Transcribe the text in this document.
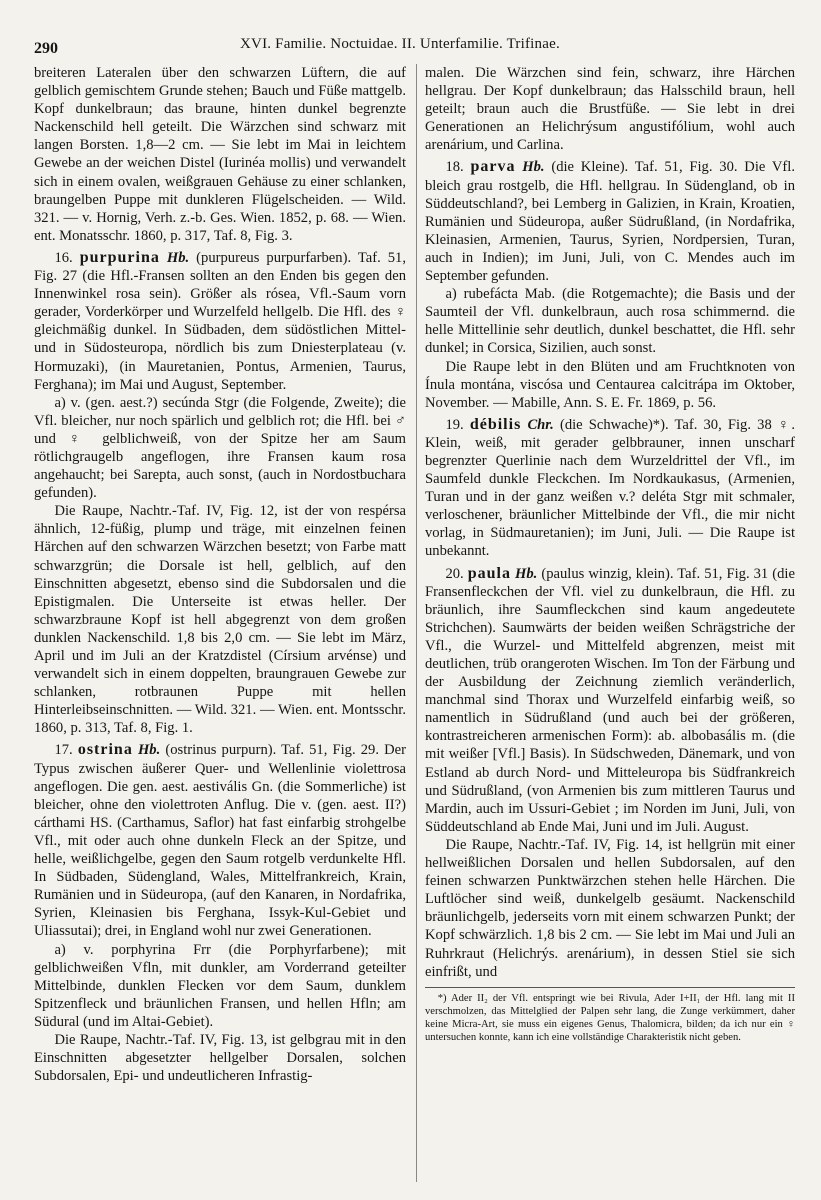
290	XVI. Familie. Noctuidae. II. Unterfamilie. Trifinae.

breiteren Lateralen über den schwarzen Lüftern, die auf gelblich gemischtem Grunde stehen; Bauch und Füße mattgelb. Kopf dunkelbraun; das braune, hinten dunkel begrenzte Nackenschild hell geteilt. Die Wärzchen sind schwarz mit langen Borsten. 1,8—2 cm. — Sie lebt im Mai in leichtem Gewebe an der weichen Distel (Iurinéa mollis) und verwandelt sich in einem ovalen, weißgrauen Gehäuse zu einer schlanken, braungelben Puppe mit dunkleren Flügelscheiden. — Wild. 321. — v. Hornig, Verh. z.-b. Ges. Wien. 1852, p. 68. — Wien. ent. Monatsschr. 1860, p. 317, Taf. 8, Fig. 3.

16. purpurina Hb. (purpureus purpurfarben). Taf. 51, Fig. 27 (die Hfl.-Fransen sollten an den Enden bis gegen den Innenwinkel rosa sein). Größer als rósea, Vfl.-Saum vorn gerader, Vorderkörper und Wurzelfeld hellgelb. Die Hfl. des ♀ gleichmäßig dunkel. In Südbaden, dem südöstlichen Mittel- und in Südosteuropa, nördlich bis zum Dniesterplateau (v. Hormuzaki), (in Mauretanien, Pontus, Armenien, Taurus, Ferghana); im Mai und August, September.

a) v. (gen. aest.?) secúnda Stgr (die Folgende, Zweite); die Vfl. bleicher, nur noch spärlich und gelblich rot; die Hfl. bei ♂ und ♀ gelblichweiß, von der Spitze her am Saum rötlichgraugelb angeflogen, ihre Fransen kaum rosa angehaucht; bei Sarepta, auch sonst, (auch in Nordostbuchara gefunden).

Die Raupe, Nachtr.-Taf. IV, Fig. 12, ist der von respérsa ähnlich, 12-füßig, plump und träge, mit einzelnen feinen Härchen auf den schwarzen Wärzchen besetzt; von Farbe matt schwarzgrün; die Dorsale ist hell, gelblich, auf den Einschnitten abgesetzt, ebenso sind die Subdorsalen und die Epistigmalen. Die Unterseite ist etwas heller. Der schwarzbraune Kopf ist hell abgegrenzt von dem großen dunklen Nackenschild. 1,8 bis 2,0 cm. — Sie lebt im März, April und im Juli an der Kratzdistel (Círsium arvénse) und verwandelt sich in einem doppelten, braungrauen Gewebe zur schlanken, rotbraunen Puppe mit hellen Hinterleibseinschnitten. — Wild. 321. — Wien. ent. Montsschr. 1860, p. 313, Taf. 8, Fig. 1.

17. ostrina Hb. (ostrinus purpurn). Taf. 51, Fig. 29. Der Typus zwischen äußerer Quer- und Wellenlinie violettrosa angeflogen. Die gen. aest. aestivális Gn. (die Sommerliche) ist bleicher, ohne den violettroten Anflug. Die v. (gen. aest. II?) cárthami HS. (Carthamus, Saflor) hat fast einfarbig strohgelbe Vfl., mit oder auch ohne dunkeln Fleck an der Spitze, und helle, weißlichgelbe, gegen den Saum rotgelb verdunkelte Hfl. In Südbaden, Südengland, Wales, Mittelfrankreich, Krain, Rumänien und in Südeuropa, (auf den Kanaren, in Nordafrika, Syrien, Kleinasien bis Ferghana, Issyk-Kul-Gebiet und Uliassutai); drei, in England wohl nur zwei Generationen.

a) v. porphyrina Frr (die Porphyrfarbene); mit gelblichweißen Vfln, mit dunkler, am Vorderrand geteilter Mittelbinde, dunklen Flecken vor dem Saum, dunklem Spitzenfleck und bräunlichen Fransen, und hellen Hfln; am Südural (und im Altai-Gebiet).

Die Raupe, Nachtr.-Taf. IV, Fig. 13, ist gelbgrau mit in den Einschnitten abgesetzter hellgelber Dorsalen, solchen Subdorsalen, Epi- und undeutlicheren Infrastig-

malen. Die Wärzchen sind fein, schwarz, ihre Härchen hellgrau. Der Kopf dunkelbraun; das Halsschild braun, hell geteilt; braun auch die Brustfüße. — Sie lebt in drei Generationen an Helichrýsum angustifólium, wohl auch arenárium, und Carlina.

18. parva Hb. (die Kleine). Taf. 51, Fig. 30. Die Vfl. bleich grau rostgelb, die Hfl. hellgrau. In Südengland, ob in Süddeutschland?, bei Lemberg in Galizien, in Krain, Kroatien, Rumänien und Südeuropa, außer Südrußland, (in Nordafrika, Kleinasien, Armenien, Taurus, Syrien, Nordpersien, Turan, auch in Indien); im Juni, Juli, von C. Mendes auch im September gefunden.

a) rubefácta Mab. (die Rotgemachte); die Basis und der Saumteil der Vfl. dunkelbraun, auch rosa schimmernd. die helle Mittellinie sehr deutlich, dunkel beschattet, die Hfl. sehr dunkel; in Corsica, Sizilien, auch sonst.

Die Raupe lebt in den Blüten und am Fruchtknoten von Ínula montána, viscósa und Centaurea calcitrápa im Oktober, November. — Mabille, Ann. S. E. Fr. 1869, p. 56.

19. débilis Chr. (die Schwache)*). Taf. 30, Fig. 38 ♀. Klein, weiß, mit gerader gelbbrauner, innen unscharf begrenzter Querlinie nach dem Wurzeldrittel der Vfl., im Saumfeld dunkle Fleckchen. Im Nordkaukasus, (Armenien, Turan und in der ganz weißen v.? deléta Stgr mit schmaler, verloschener, bräunlicher Mittelbinde der Vfl., die mir nicht vorlag, in Südmauretanien); im Juni, Juli. — Die Raupe ist unbekannt.

20. paula Hb. (paulus winzig, klein). Taf. 51, Fig. 31 (die Fransenfleckchen der Vfl. viel zu dunkelbraun, die Hfl. zu bräunlich, ihre Saumfleckchen sind kaum angedeutete Strichchen). Saumwärts der beiden weißen Schrägstriche der Vfl., die Wurzel- und Mittelfeld abgrenzen, meist mit deutlichen, trüb orangeroten Wischen. Im Ton der Färbung und der Ausbildung der Zeichnung ziemlich veränderlich, manchmal sind Thorax und Wurzelfeld einfarbig weiß, so namentlich in Südrußland (und auch bei der größeren, kontrastreicheren armenischen Form): ab. albobasális m. (die mit weißer [Vfl.] Basis). In Südschweden, Dänemark, und von Estland ab durch Nord- und Mitteleuropa bis Südfrankreich und Südrußland, (von Armenien bis zum mittleren Taurus und Mardin, auch im Ussuri-Gebiet ; im Norden im Juni, Juli, von Süddeutschland ab Ende Mai, Juni und im Juli. August.

Die Raupe, Nachtr.-Taf. IV, Fig. 14, ist hellgrün mit einer hellweißlichen Dorsalen und hellen Subdorsalen, auf den feinen schwarzen Punktwärzchen stehen helle Härchen. Die Luftlöcher sind weiß, dunkelgelb gesäumt. Nackenschild bräunlichgelb, jederseits vorn mit einem schwarzen Punkt; der Kopf schwärzlich. 1,8 bis 2 cm. — Sie lebt im Mai und Juli an Ruhrkraut (Helichrýs. arenárium), in dessen Stiel sie sich einfrißt, und

*) Ader II₂ der Vfl. entspringt wie bei Rivula, Ader I+II₁ der Hfl. lang mit II verschmolzen, das Mittelglied der Palpen sehr lang, die Zunge verkümmert, daher keine Micra-Art, sie muss ein eigenes Genus, Thalomicra, bilden; da ich nur ein ♀ untersuchen konnte, kann ich eine vollständige Charakteristik nicht geben.
